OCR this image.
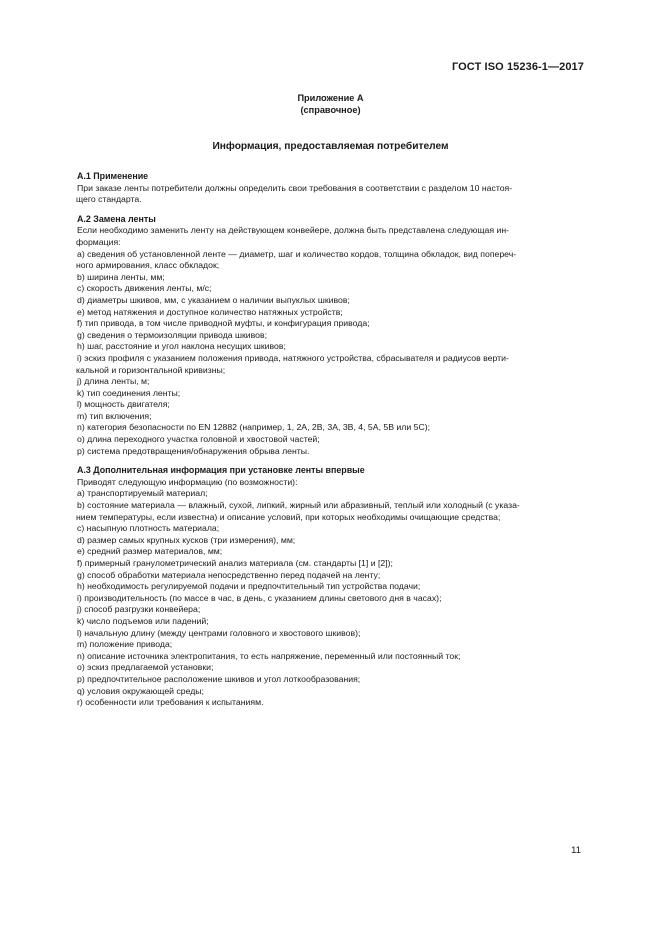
ГОСТ ISO 15236-1—2017
Приложение А
(справочное)
Информация, предоставляемая потребителем
А.1 Применение

При заказе ленты потребители должны определить свои требования в соответствии с разделом 10 настоя-

щего стандарта.

А.2 Замена ленты

Если необходимо заменить ленту на действующем конвейере, должна быть представлена следующая ин-

формация:

а) сведения об установленной ленте — диаметр, шаг и количество кордов, толщина обкладок, вид попереч-

ного армирования, класс обкладок;

b) ширина ленты, мм;

c) скорость движения ленты, м/с;

d) диаметры шкивов, мм, с указанием о наличии выпуклых шкивов;

e) метод натяжения и доступное количество натяжных устройств;

f) тип привода, в том числе приводной муфты, и конфигурация привода;

g) сведения о термоизоляции привода шкивов;

h) шаг, расстояние и угол наклона несущих шкивов;

i) эскиз профиля с указанием положения привода, натяжного устройства, сбрасывателя и радиусов верти-

кальной и горизонтальной кривизны;

j) длина ленты, м;

k) тип соединения ленты;

l) мощность двигателя;

m) тип включения;

n) категория безопасности по EN 12882 (например, 1, 2A, 2B, 3A, 3B, 4, 5A, 5B или 5C);

o) длина переходного участка головной и хвостовой частей;

p) система предотвращения/обнаружения обрыва ленты.

А.3 Дополнительная информация при установке ленты впервые

Приводят следующую информацию (по возможности):

a) транспортируемый материал;

b) состояние материала — влажный, сухой, липкий, жирный или абразивный, теплый или холодный (с указа-

нием температуры, если известна) и описание условий, при которых необходимы очищающие средства;

c) насыпную плотность материала;

d) размер самых крупных кусков (три измерения), мм;

e) средний размер материалов, мм;

f) примерный гранулометрический анализ материала (см. стандарты [1] и [2]);

g) способ обработки материала непосредственно перед подачей на ленту;

h) необходимость регулируемой подачи и предпочтительный тип устройства подачи;

i) производительность (по массе в час, в день, с указанием длины светового дня в часах);

j) способ разгрузки конвейера;

k) число подъемов или падений;

l) начальную длину (между центрами головного и хвостового шкивов);

m) положение привода;

n) описание источника электропитания, то есть напряжение, переменный или постоянный ток;

o) эскиз предлагаемой установки;

p) предпочтительное расположение шкивов и угол лоткообразования;

q) условия окружающей среды;

r) особенности или требования к испытаниям.

11
